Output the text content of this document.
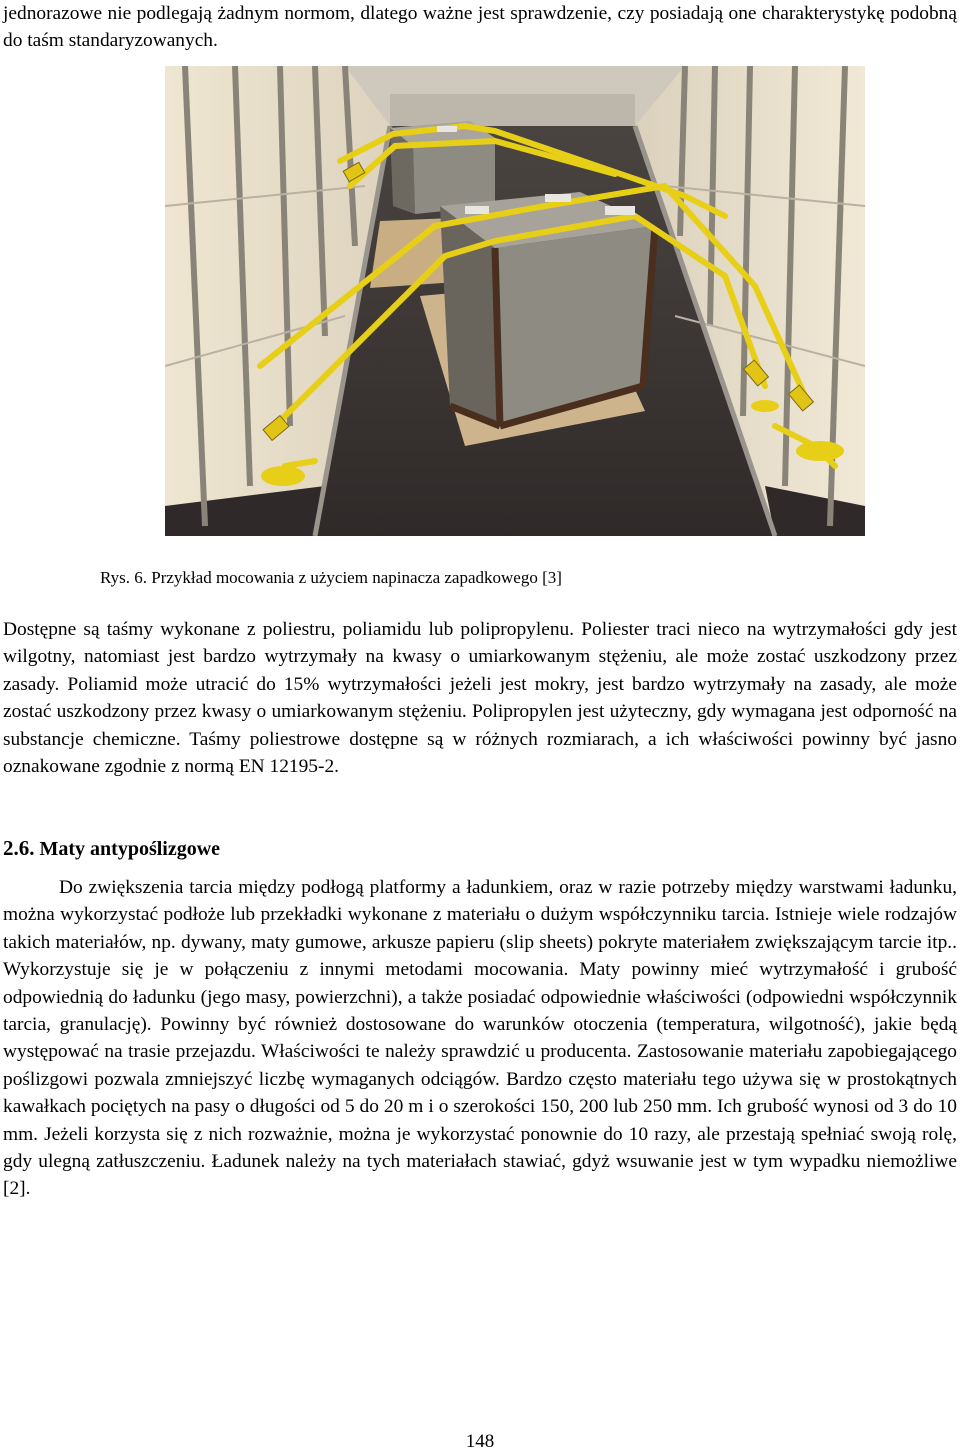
jednorazowe nie podlegają żadnym normom, dlatego ważne jest sprawdzenie, czy posiadają one charakterystykę podobną do taśm standaryzowanych.

Rys. 6. Przykład mocowania z użyciem napinacza zapadkowego [3]

Dostępne są taśmy wykonane z poliestru, poliamidu lub polipropylenu. Poliester traci nieco na wytrzymałości gdy jest wilgotny, natomiast jest bardzo wytrzymały na kwasy o umiarkowanym stężeniu, ale może zostać uszkodzony przez zasady. Poliamid może utracić do 15% wytrzymałości jeżeli jest mokry, jest bardzo wytrzymały na zasady, ale może zostać uszkodzony przez kwasy o umiarkowanym stężeniu. Polipropylen jest użyteczny, gdy wymagana jest odporność na substancje chemiczne. Taśmy poliestrowe dostępne są w różnych rozmiarach, a ich właściwości powinny być jasno oznakowane zgodnie z normą EN 12195-2.

2.6. Maty antypoślizgowe

Do zwiększenia tarcia między podłogą platformy a ładunkiem, oraz w razie potrzeby między warstwami ładunku, można wykorzystać podłoże lub przekładki wykonane z materiału o dużym współczynniku tarcia. Istnieje wiele rodzajów takich materiałów, np. dywany, maty gumowe, arkusze papieru (slip sheets) pokryte materiałem zwiększającym tarcie itp.. Wykorzystuje się je w połączeniu z innymi metodami mocowania. Maty powinny mieć wytrzymałość i grubość odpowiednią do ładunku (jego masy, powierzchni), a także posiadać odpowiednie właściwości (odpowiedni współczynnik tarcia, granulację). Powinny być również dostosowane do warunków otoczenia (temperatura, wilgotność), jakie będą występować na trasie przejazdu. Właściwości te należy sprawdzić u producenta. Zastosowanie materiału zapobiegającego poślizgowi pozwala zmniejszyć liczbę wymaganych odciągów. Bardzo często materiału tego używa się w prostokątnych kawałkach pociętych na pasy o długości od 5 do 20 m i o szerokości 150, 200 lub 250 mm. Ich grubość wynosi od 3 do 10 mm. Jeżeli korzysta się z nich rozważnie, można je wykorzystać ponownie do 10 razy, ale przestają spełniać swoją rolę, gdy ulegną zatłuszczeniu. Ładunek należy na tych materiałach stawiać, gdyż wsuwanie jest w tym wypadku niemożliwe [2].

148
